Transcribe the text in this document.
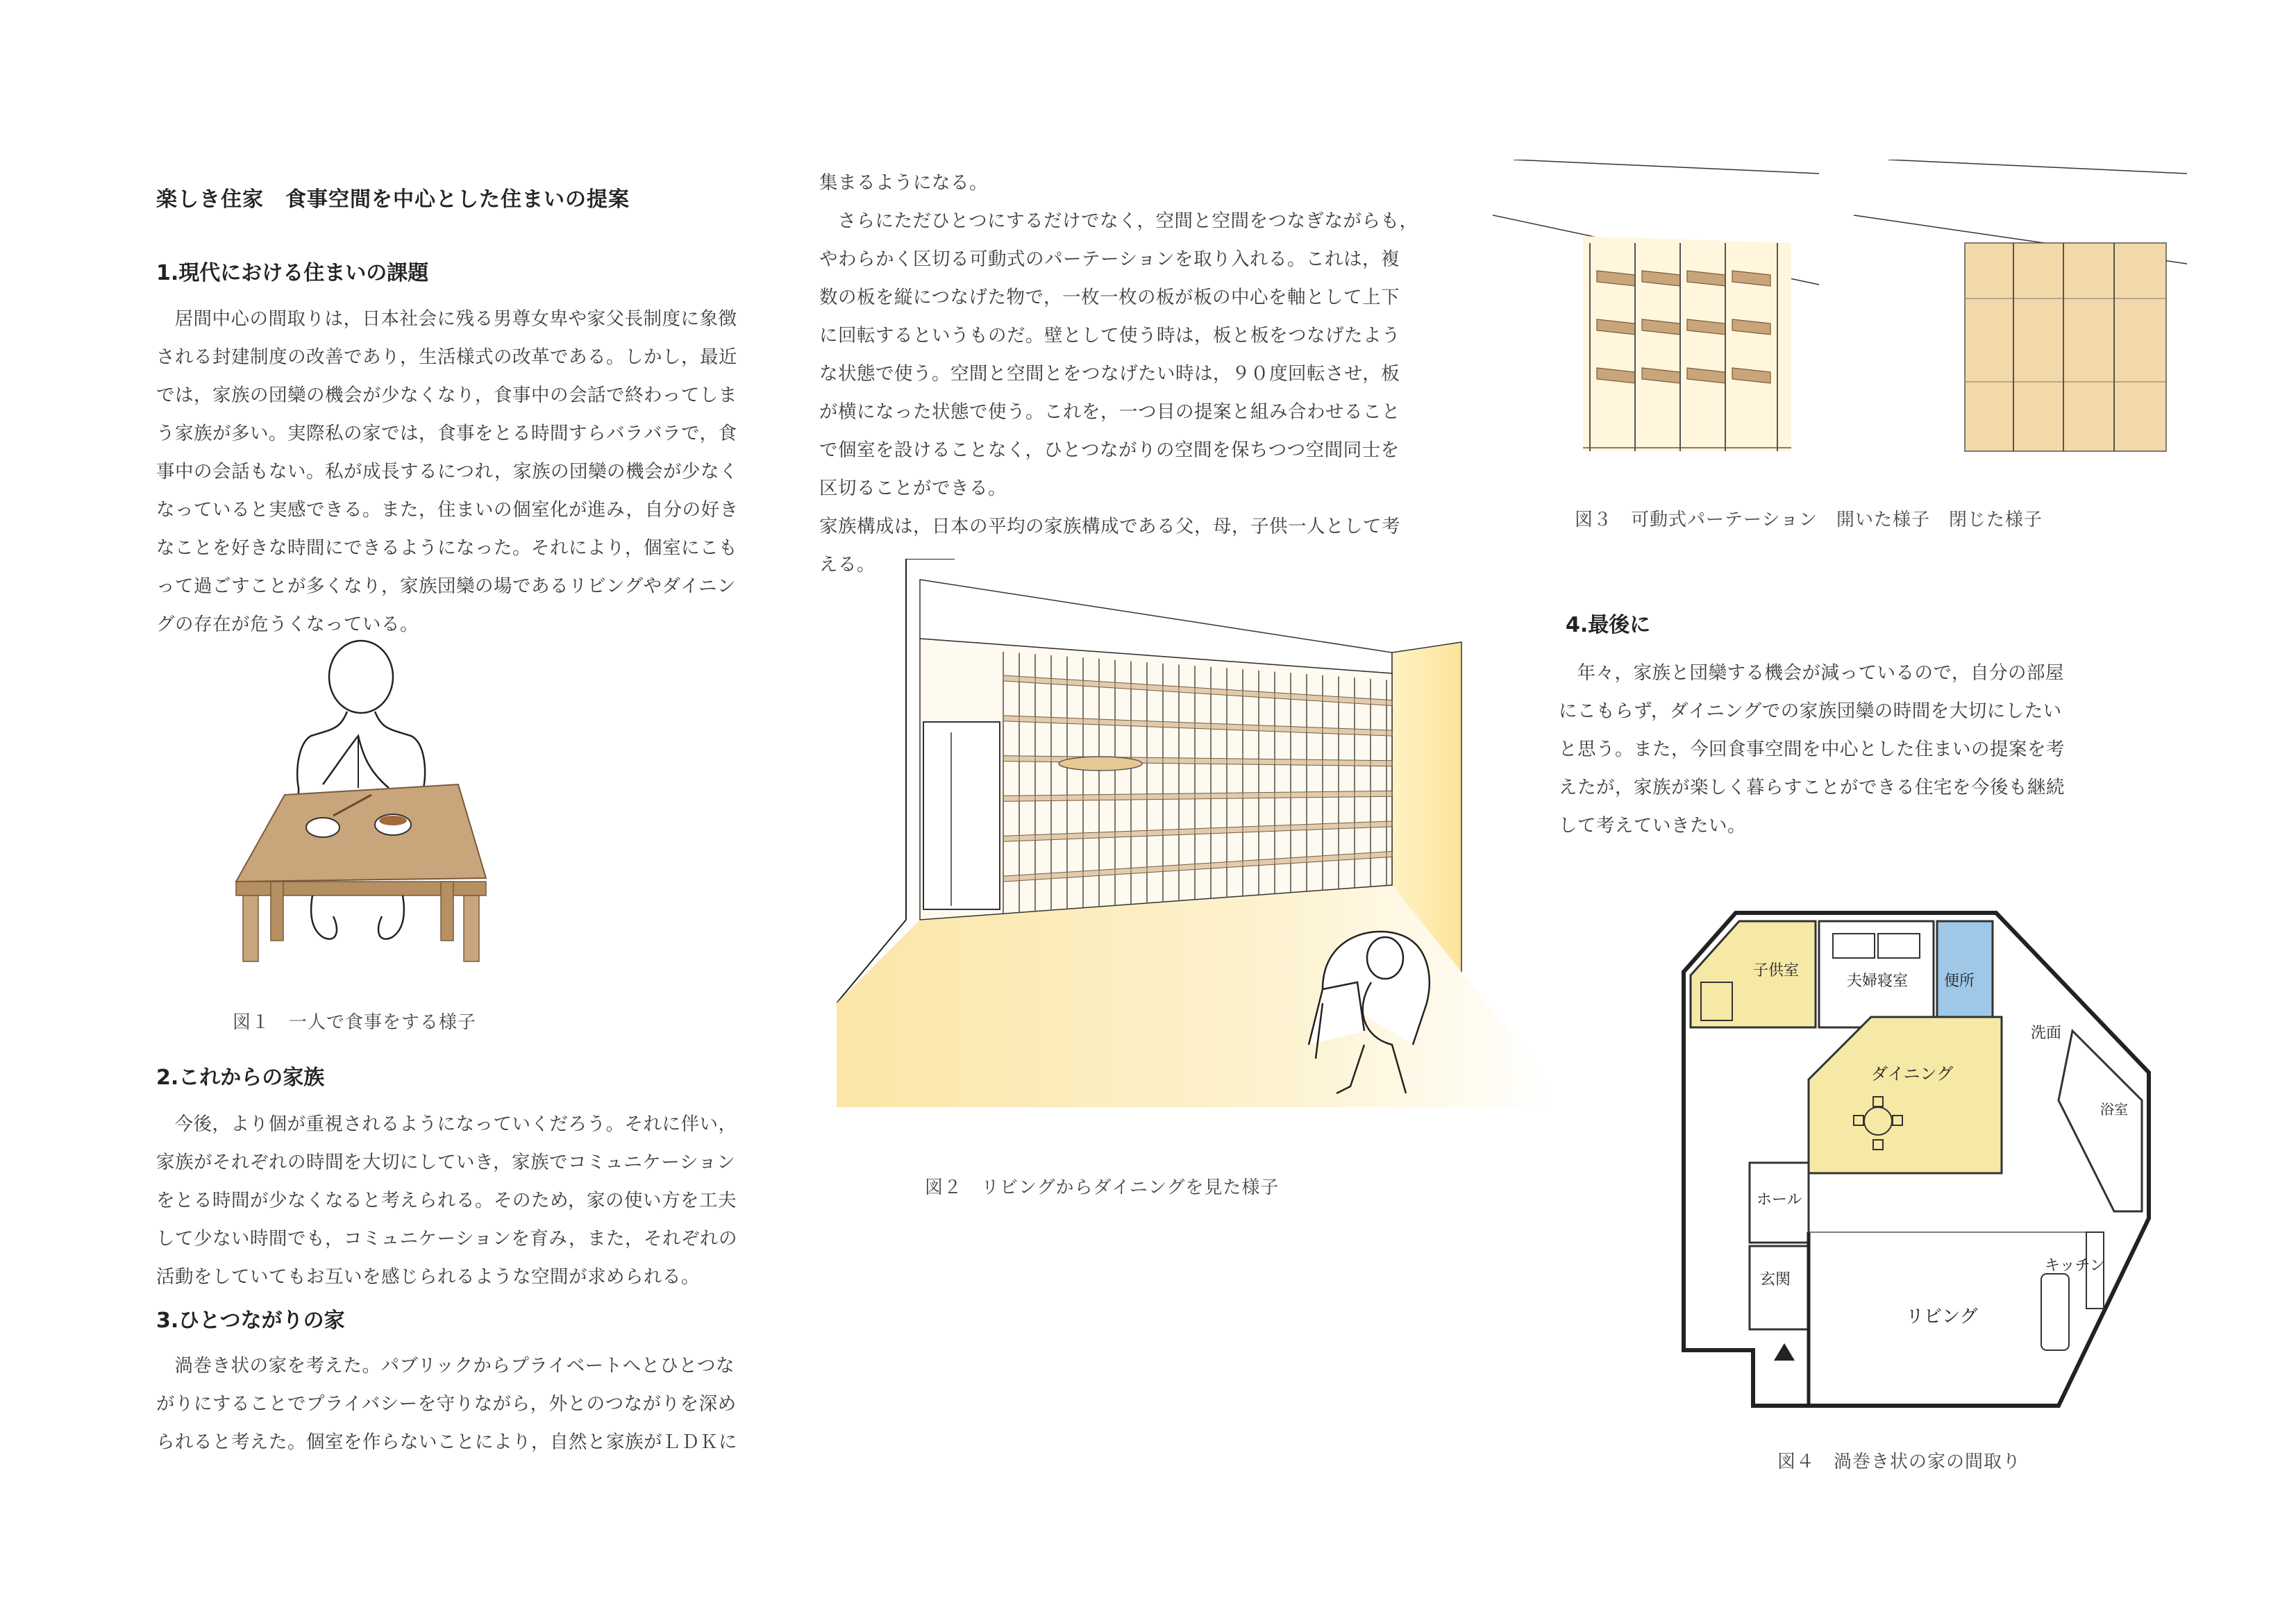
楽しき住家　食事空間を中心とした住まいの提案
1.現代における住まいの課題
居間中心の間取りは，日本社会に残る男尊女卑や家父長制度に象徴
される封建制度の改善であり，生活様式の改革である。しかし，最近
では，家族の団欒の機会が少なくなり，食事中の会話で終わってしま
う家族が多い。実際私の家では，食事をとる時間すらバラバラで，食
事中の会話もない。私が成長するにつれ，家族の団欒の機会が少なく
なっていると実感できる。また，住まいの個室化が進み，自分の好き
なことを好きな時間にできるようになった。それにより，個室にこも
って過ごすことが多くなり，家族団欒の場であるリビングやダイニン
グの存在が危うくなっている。
図１　一人で食事をする様子
2.これからの家族
今後，より個が重視されるようになっていくだろう。それに伴い，
家族がそれぞれの時間を大切にしていき，家族でコミュニケーション
をとる時間が少なくなると考えられる。そのため，家の使い方を工夫
して少ない時間でも，コミュニケーションを育み，また，それぞれの
活動をしていてもお互いを感じられるような空間が求められる。
3.ひとつながりの家
渦巻き状の家を考えた。パブリックからプライベートへとひとつな
がりにすることでプライバシーを守りながら，外とのつながりを深め
られると考えた。個室を作らないことにより，自然と家族がＬＤＫに
集まるようになる。
さらにただひとつにするだけでなく，空間と空間をつなぎながらも，
やわらかく区切る可動式のパーテーションを取り入れる。これは，複
数の板を縦につなげた物で，一枚一枚の板が板の中心を軸として上下
に回転するというものだ。壁として使う時は，板と板をつなげたよう
な状態で使う。空間と空間とをつなげたい時は，９０度回転させ，板
が横になった状態で使う。これを，一つ目の提案と組み合わせること
で個室を設けることなく，ひとつながりの空間を保ちつつ空間同士を
区切ることができる。
家族構成は，日本の平均の家族構成である父，母，子供一人として考
える。
図２　リビングからダイニングを見た様子
図３　可動式パーテーション　開いた様子　閉じた様子
4.最後に
年々，家族と団欒する機会が減っているので，自分の部屋
にこもらず，ダイニングでの家族団欒の時間を大切にしたい
と思う。また，今回食事空間を中心とした住まいの提案を考
えたが，家族が楽しく暮らすことができる住宅を今後も継続
して考えていきたい。
子供室
夫婦寝室 便所
洗面
浴室
ダイニング
ホール
玄関
キッチン
リビング
図４　渦巻き状の家の間取り
